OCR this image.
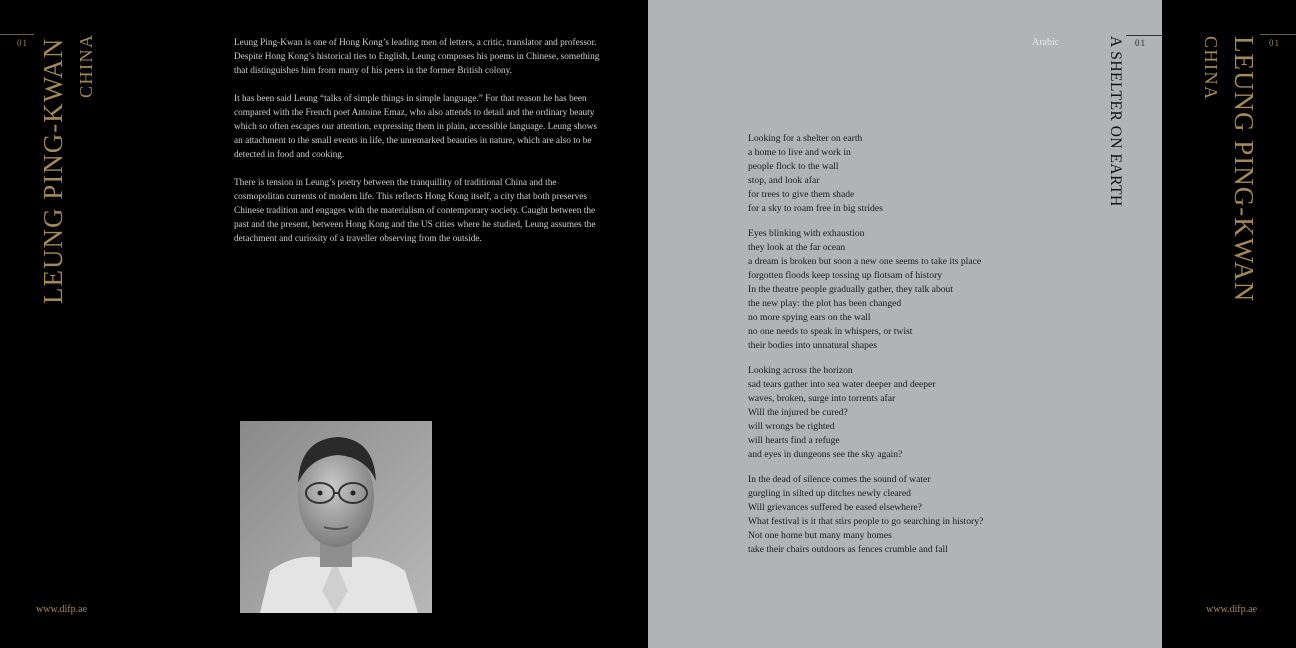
01 LEUNG PING-KWAN CHINA	Leung Ping-Kwan is one of Hong Kong’s leading men of letters, a critic, translator and professor. Despite Hong Kong’s historical ties to English, Leung composes his poems in Chinese, something that distinguishes him from many of his peers in the former British colony.

It has been said Leung “talks of simple things in simple language.” For that reason he has been compared with the French poet Antoine Emaz, who also attends to detail and the ordinary beauty which so often escapes our attention, expressing them in plain, accessible language. Leung shows an attachment to the small events in life, the unremarked beauties in nature, which are also to be detected in food and cooking.

There is tension in Leung’s poetry between the tranquillity of traditional China and the cosmopolitan currents of modern life. This reflects Hong Kong itself, a city that both preserves Chinese tradition and engages with the materialism of contemporary society. Caught between the past and the present, between Hong Kong and the US cities where he studied, Leung assumes the detachment and curiosity of a traveller observing from the outside.

www.difp.ae
Arabic	01
A SHELTER ON EARTH
Looking for a shelter on earth
a home to live and work in
people flock to the wall
stop, and look afar
for trees to give them shade
for a sky to roam free in big strides
Eyes blinking with exhaustion
they look at the far ocean
a dream is broken but soon a new one seems to take its place
forgotten floods keep tossing up flotsam of history
In the theatre people gradually gather, they talk about
the new play: the plot has been changed
no more spying ears on the wall
no one needs to speak in whispers, or twist
their bodies into unnatural shapes
Looking across the horizon
sad tears gather into sea water deeper and deeper
waves, broken, surge into torrents afar
Will the injured be cured?
will wrongs be righted
will hearts find a refuge
and eyes in dungeons see the sky again?
In the dead of silence comes the sound of water
gurgling in silted up ditches newly cleared
Will grievances suffered be eased elsewhere?
What festival is it that stirs people to go searching in history?
Not one home but many many homes
take their chairs outdoors as fences crumble and fall
01
CHINA LEUNG PING-KWAN
www.difp.ae
